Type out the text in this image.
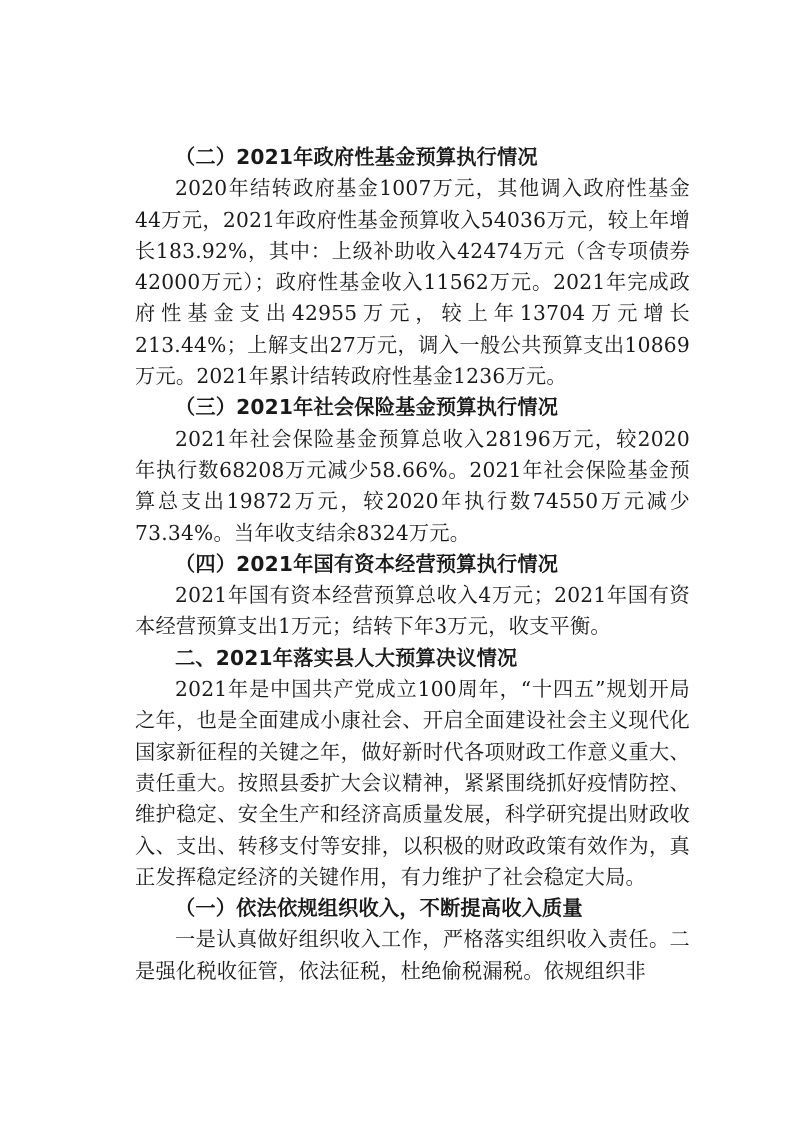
（二）2021年政府性基金预算执行情况

2020年结转政府基金1007万元，其他调入政府性基金44万元，2021年政府性基金预算收入54036万元，较上年增长183.92%，其中：上级补助收入42474万元（含专项债券42000万元）；政府性基金收入11562万元。2021年完成政府性基金支出42955万元，较上年13704万元增长213.44%；上解支出27万元，调入一般公共预算支出10869万元。2021年累计结转政府性基金1236万元。

（三）2021年社会保险基金预算执行情况

2021年社会保险基金预算总收入28196万元，较2020年执行数68208万元减少58.66%。2021年社会保险基金预算总支出19872万元，较2020年执行数74550万元减少73.34%。当年收支结余8324万元。

（四）2021年国有资本经营预算执行情况

2021年国有资本经营预算总收入4万元；2021年国有资本经营预算支出1万元；结转下年3万元，收支平衡。

二、2021年落实县人大预算决议情况

2021年是中国共产党成立100周年，“十四五”规划开局之年，也是全面建成小康社会、开启全面建设社会主义现代化国家新征程的关键之年，做好新时代各项财政工作意义重大、责任重大。按照县委扩大会议精神，紧紧围绕抓好疫情防控、维护稳定、安全生产和经济高质量发展，科学研究提出财政收入、支出、转移支付等安排，以积极的财政政策有效作为，真正发挥稳定经济的关键作用，有力维护了社会稳定大局。

（一）依法依规组织收入，不断提高收入质量

一是认真做好组织收入工作，严格落实组织收入责任。二是强化税收征管，依法征税，杜绝偷税漏税。依规组织非
